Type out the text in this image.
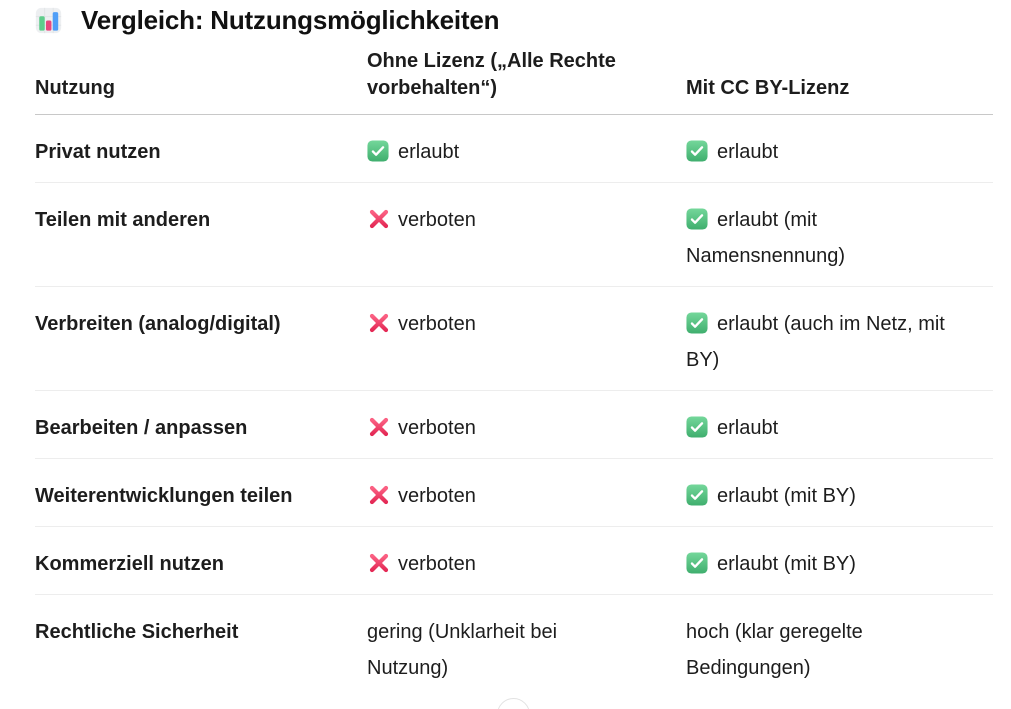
Vergleich: Nutzungsmöglichkeiten
Nutzung	Ohne Lizenz („Alle Rechte vorbehalten“)	Mit CC BY-Lizenz
Privat nutzen	erlaubt	erlaubt
Teilen mit anderen	verboten	erlaubt (mit Namensnennung)
Verbreiten (analog/digital)	verboten	erlaubt (auch im Netz, mit BY)
Bearbeiten / anpassen	verboten	erlaubt
Weiterentwicklungen teilen	verboten	erlaubt (mit BY)
Kommerziell nutzen	verboten	erlaubt (mit BY)
Rechtliche Sicherheit	gering (Unklarheit bei Nutzung)	hoch (klar geregelte Bedingungen)
